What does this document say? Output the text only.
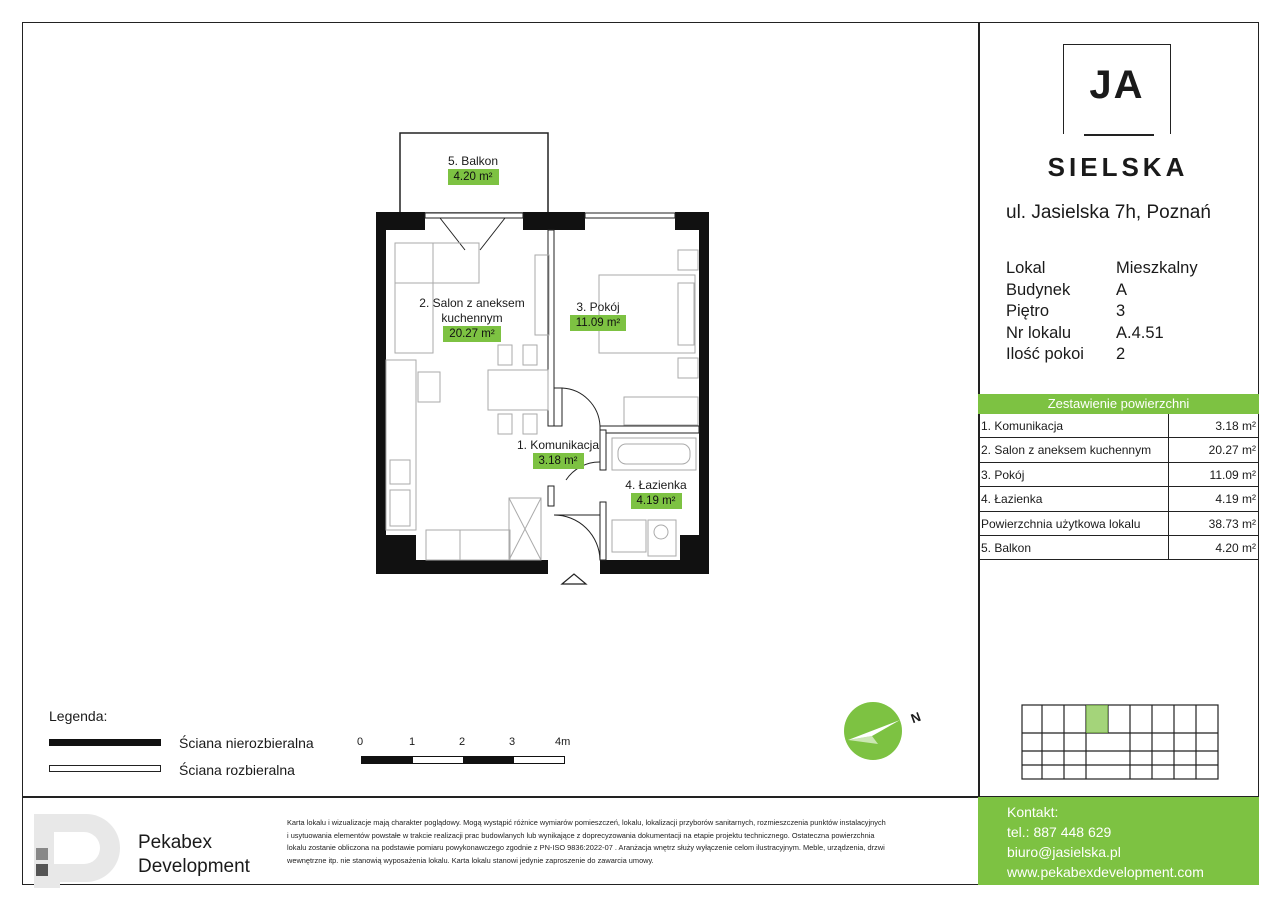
5. Balkon
4.20 m²
2. Salon z aneksem
kuchennym
20.27 m²
3. Pokój
11.09 m²
1. Komunikacja
3.18 m²
4. Łazienka
4.19 m²
JA
SIELSKA
ul. Jasielska 7h, Poznań
Lokal	Mieszkalny
Budynek	A
Piętro	3
Nr lokalu	A.4.51
Ilość pokoi	2
Zestawienie powierzchni
1. Komunikacja	3.18 m²
2. Salon z aneksem kuchennym	20.27 m²
3. Pokój	11.09 m²
4. Łazienka	4.19 m²
Powierzchnia użytkowa lokalu	38.73 m²
5. Balkon	4.20 m²
Legenda:
Ściana nierozbieralna
Ściana rozbieralna
0	1	2	3	4m
N
Pekabex
Development
Karta lokalu i wizualizacje mają charakter poglądowy. Mogą wystąpić różnice wymiarów pomieszczeń, lokalu, lokalizacji przyborów sanitarnych, rozmieszczenia punktów instalacyjnych
i usytuowania elementów powstałe w trakcie realizacji prac budowlanych lub wynikające z doprecyzowania dokumentacji na etapie projektu technicznego. Ostateczna powierzchnia
lokalu zostanie obliczona na podstawie pomiaru powykonawczego zgodnie z PN-ISO 9836:2022-07 . Aranżacja wnętrz służy wyłączenie celom ilustracyjnym. Meble, urządzenia, drzwi
wewnętrzne itp. nie stanowią wyposażenia lokalu. Karta lokalu stanowi jedynie zaproszenie do zawarcia umowy.
Kontakt:
tel.: 887 448 629
biuro@jasielska.pl
www.pekabexdevelopment.com
